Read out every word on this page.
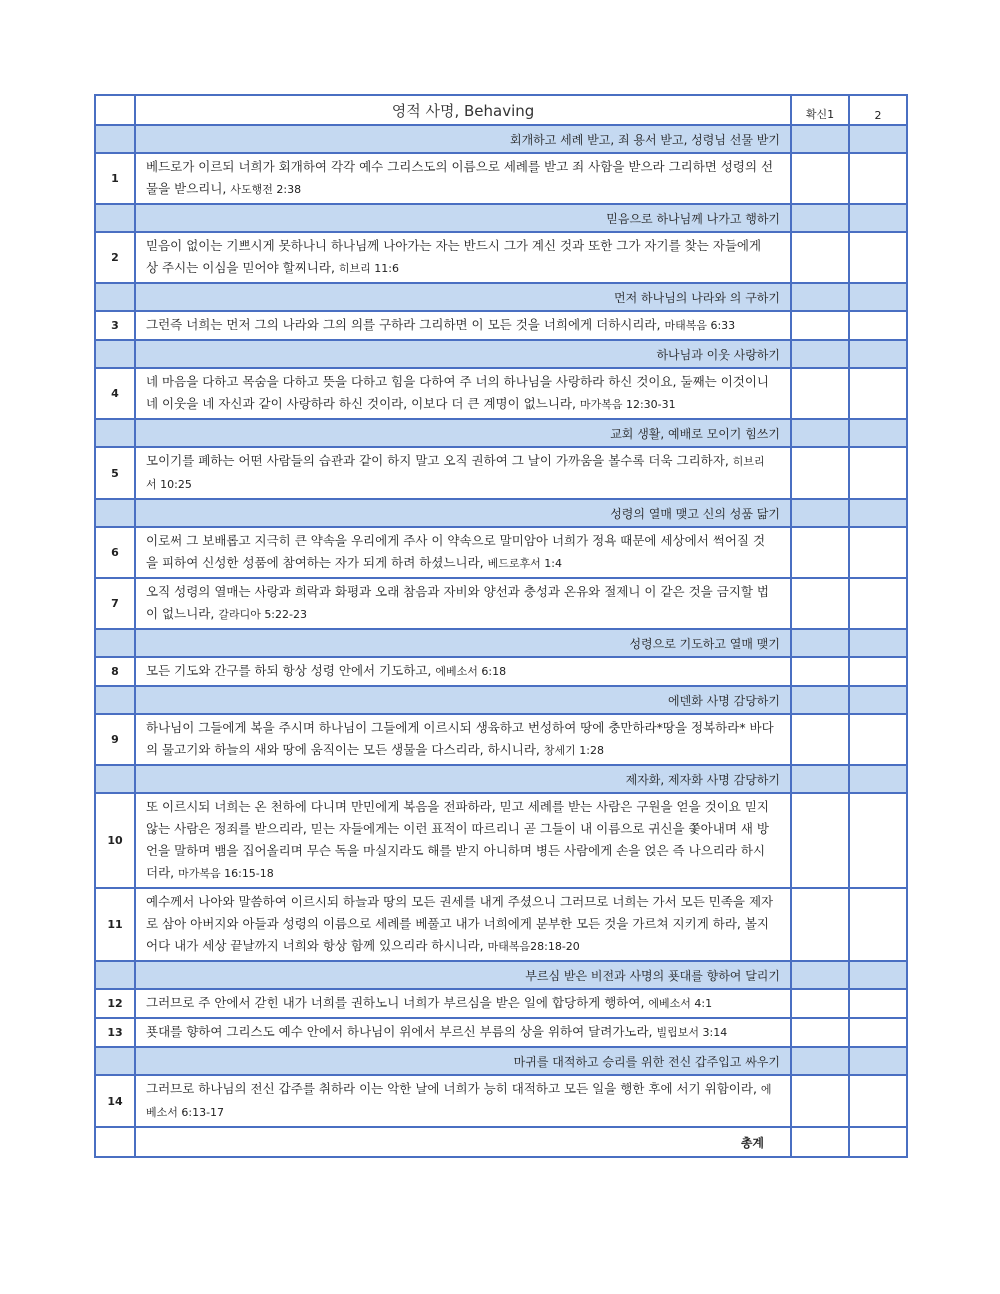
	영적 사명, Behaving	확신1	2
	회개하고 세례 받고, 죄 용서 받고, 성령님 선물 받기		
1	베드로가 이르되 너희가 회개하여 각각 예수 그리스도의 이름으로 세례를 받고 죄 사함을 받으라 그리하면 성령의 선물을 받으리니, 사도행전 2:38		
	믿음으로 하나님께 나가고 행하기		
2	믿음이 없이는 기쁘시게 못하나니 하나님께 나아가는 자는 반드시 그가 계신 것과 또한 그가 자기를 찾는 자들에게 상 주시는 이심을 믿어야 할찌니라, 히브리 11:6		
	먼저 하나님의 나라와 의 구하기		
3	그런즉 너희는 먼저 그의 나라와 그의 의를 구하라 그리하면 이 모든 것을 너희에게 더하시리라, 마태복음 6:33		
	하나님과 이웃 사랑하기		
4	네 마음을 다하고 목숨을 다하고 뜻을 다하고 힘을 다하여 주 너의 하나님을 사랑하라 하신 것이요, 둘째는 이것이니 네 이웃을 네 자신과 같이 사랑하라 하신 것이라, 이보다 더 큰 계명이 없느니라, 마가복음 12:30-31		
	교회 생활, 예배로 모이기 힘쓰기		
5	모이기를 폐하는 어떤 사람들의 습관과 같이 하지 말고 오직 권하여 그 날이 가까움을 볼수록 더욱 그리하자, 히브리서 10:25		
	성령의 열매 맺고 신의 성품 닮기		
6	이로써 그 보배롭고 지극히 큰 약속을 우리에게 주사 이 약속으로 말미암아 너희가 정욕 때문에 세상에서 썩어질 것을 피하여 신성한 성품에 참여하는 자가 되게 하려 하셨느니라, 베드로후서 1:4		
7	오직 성령의 열매는 사랑과 희락과 화평과 오래 참음과 자비와 양선과 충성과 온유와 절제니 이 같은 것을 금지할 법이 없느니라, 갈라디아 5:22-23		
	성령으로 기도하고 열매 맺기		
8	모든 기도와 간구를 하되 항상 성령 안에서 기도하고, 에베소서 6:18		
	에덴화 사명 감당하기		
9	하나님이 그들에게 복을 주시며 하나님이 그들에게 이르시되 생육하고 번성하여 땅에 충만하라*땅을 정복하라* 바다의 물고기와 하늘의 새와 땅에 움직이는 모든 생물을 다스리라, 하시니라, 창세기 1:28		
	제자화, 제자화 사명 감당하기		
10	또 이르시되 너희는 온 천하에 다니며 만민에게 복음을 전파하라, 믿고 세례를 받는 사람은 구원을 얻을 것이요 믿지 않는 사람은 정죄를 받으리라, 믿는 자들에게는 이런 표적이 따르리니 곧 그들이 내 이름으로 귀신을 쫓아내며 새 방언을 말하며 뱀을 집어올리며 무슨 독을 마실지라도 해를 받지 아니하며 병든 사람에게 손을 얹은 즉 나으리라 하시더라, 마가복음 16:15-18		
11	예수께서 나아와 말씀하여 이르시되 하늘과 땅의 모든 권세를 내게 주셨으니 그러므로 너희는 가서 모든 민족을 제자로 삼아 아버지와 아들과 성령의 이름으로 세례를 베풀고 내가 너희에게 분부한 모든 것을 가르쳐 지키게 하라, 볼지어다 내가 세상 끝날까지 너희와 항상 함께 있으리라 하시니라, 마태복음28:18-20		
	부르심 받은 비전과 사명의 푯대를 향하여 달리기		
12	그러므로 주 안에서 갇힌 내가 너희를 권하노니 너희가 부르심을 받은 일에 합당하게 행하여, 에베소서 4:1		
13	푯대를 향하여 그리스도 예수 안에서 하나님이 위에서 부르신 부름의 상을 위하여 달려가노라, 빌립보서 3:14		
	마귀를 대적하고 승리를 위한 전신 갑주입고 싸우기		
14	그러므로 하나님의 전신 갑주를 취하라 이는 악한 날에 너희가 능히 대적하고 모든 일을 행한 후에 서기 위함이라, 에베소서 6:13-17		
	총계		
